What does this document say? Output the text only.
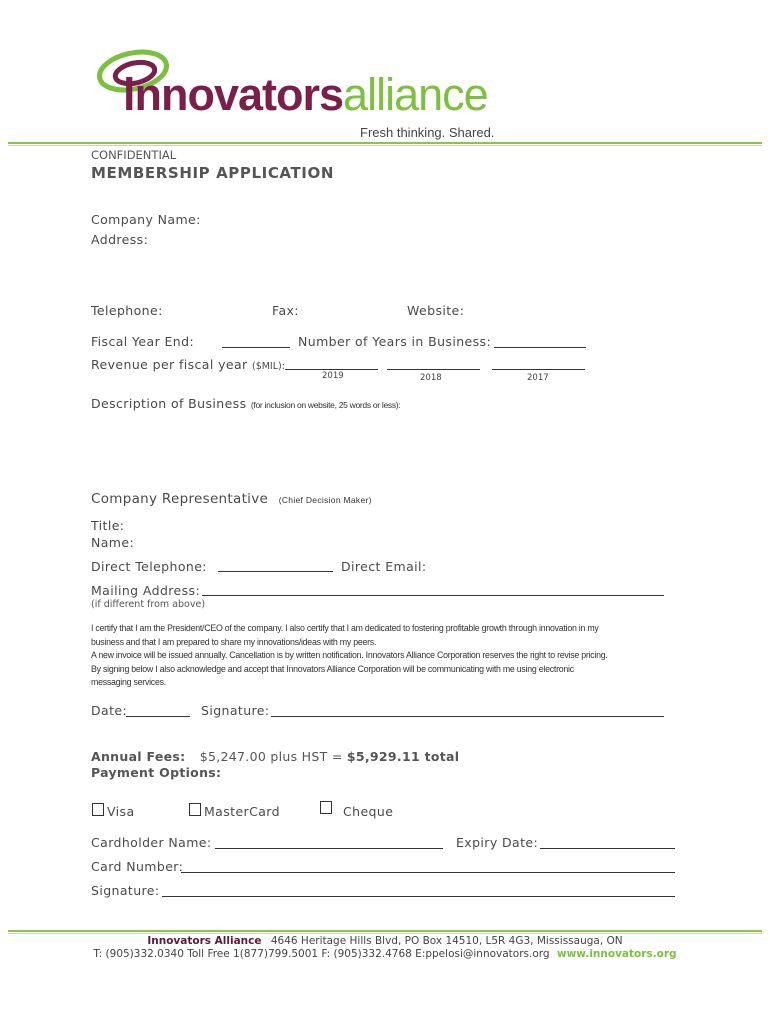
innovatorsalliance
Fresh thinking. Shared.
CONFIDENTIAL
MEMBERSHIP APPLICATION
Company Name:
Address:
Telephone:	Fax:	Website:
Fiscal Year End:	Number of Years in Business:
Revenue per fiscal year ($MIL):
2019	2018	2017
Description of Business (for inclusion on website, 25 words or less):
Company Representative (Chief Decision Maker)
Title:
Name:
Direct Telephone:	Direct Email:
Mailing Address:
(if different from above)
I certify that I am the President/CEO of the company. I also certify that I am dedicated to fostering profitable growth through innovation in my
business and that I am prepared to share my innovations/ideas with my peers.
A new invoice will be issued annually. Cancellation is by written notification. Innovators Alliance Corporation reserves the right to revise pricing.
By signing below I also acknowledge and accept that Innovators Alliance Corporation will be communicating with me using electronic
messaging services.
Date:	Signature:
Annual Fees: $5,247.00 plus HST = $5,929.11 total
Payment Options:
Visa	MasterCard	Cheque
Cardholder Name:	Expiry Date:
Card Number:
Signature:
Innovators Alliance 4646 Heritage Hills Blvd, PO Box 14510, L5R 4G3, Mississauga, ON
T: (905)332.0340 Toll Free 1(877)799.5001 F: (905)332.4768 E:ppelosi@innovators.org www.innovators.org
